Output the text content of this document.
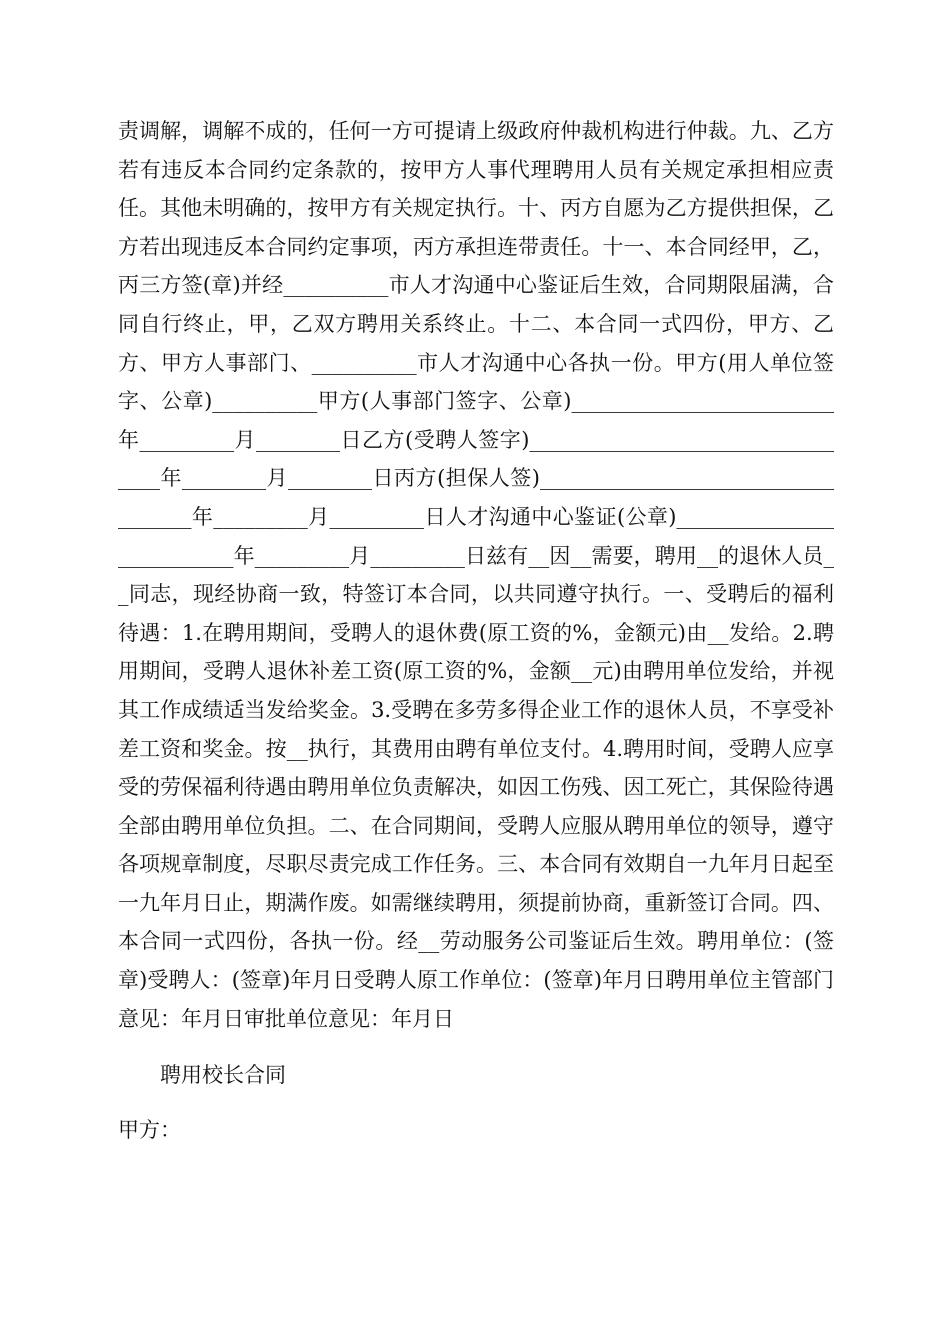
责调解，调解不成的，任何一方可提请上级政府仲裁机构进行仲裁。九、乙方若有违反本合同约定条款的，按甲方人事代理聘用人员有关规定承担相应责任。其他未明确的，按甲方有关规定执行。十、丙方自愿为乙方提供担保，乙方若出现违反本合同约定事项，丙方承担连带责任。十一、本合同经甲，乙，丙三方签(章)并经__________市人才沟通中心鉴证后生效，合同期限届满，合同自行终止，甲，乙双方聘用关系终止。十二、本合同一式四份，甲方、乙方、甲方人事部门、__________市人才沟通中心各执一份。甲方(用人单位签字、公章)__________甲方(人事部门签字、公章)_________________________年_________月________日乙方(受聘人签字)_________________________________年________月________日丙方(担保人签)___________________________________年_________月_________日人才沟通中心鉴证(公章)__________________________年_________月_________日兹有__因__需要，聘用__的退休人员__同志，现经协商一致，特签订本合同，以共同遵守执行。一、受聘后的福利待遇：1.在聘用期间，受聘人的退休费(原工资的%，金额元)由__发给。2.聘用期间，受聘人退休补差工资(原工资的%，金额__元)由聘用单位发给，并视其工作成绩适当发给奖金。3.受聘在多劳多得企业工作的退休人员，不享受补差工资和奖金。按__执行，其费用由聘有单位支付。4.聘用时间，受聘人应享受的劳保福利待遇由聘用单位负责解决，如因工伤残、因工死亡，其保险待遇全部由聘用单位负担。二、在合同期间，受聘人应服从聘用单位的领导，遵守各项规章制度，尽职尽责完成工作任务。三、本合同有效期自一九年月日起至一九年月日止，期满作废。如需继续聘用，须提前协商，重新签订合同。四、本合同一式四份，各执一份。经__劳动服务公司鉴证后生效。聘用单位：(签章)受聘人：(签章)年月日受聘人原工作单位：(签章)年月日聘用单位主管部门意见：年月日审批单位意见：年月日

聘用校长合同

甲方：
